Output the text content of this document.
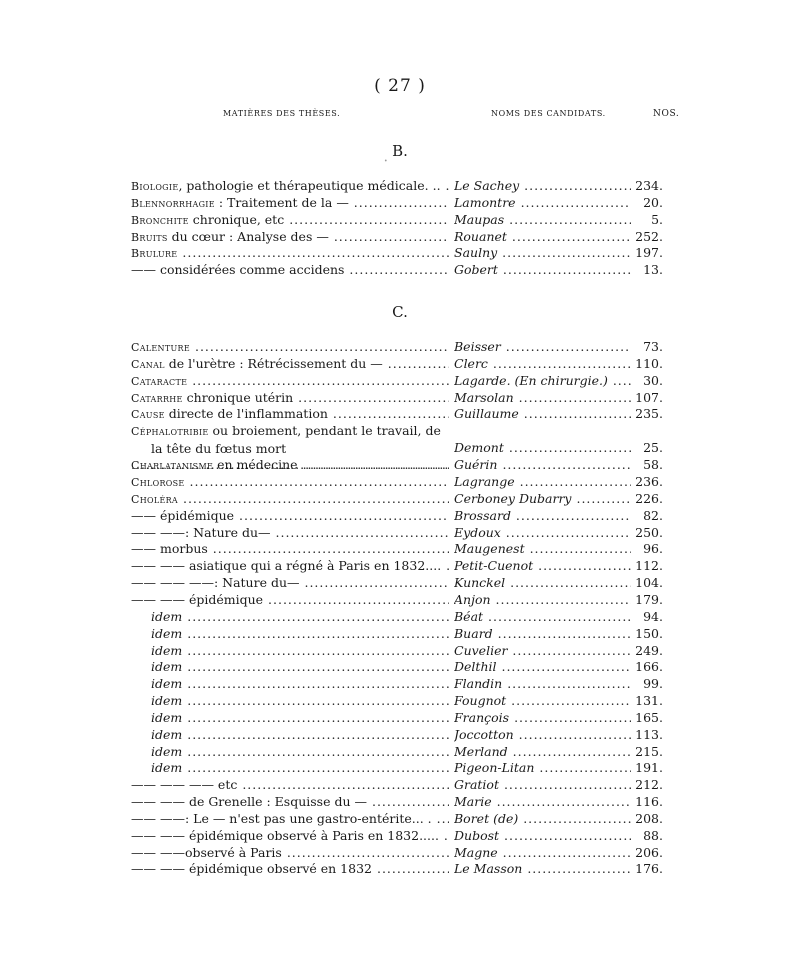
( 27 )
MATIÈRES DES THÈSES.	NOMS DES CANDIDATS.	NOS.
B.
•
Biologie, pathologie et thérapeutique médicale. .. .....	Le Sachey .....	234.
Blennorrhagie : Traitement de la — .....	Lamontre .....	20.
Bronchite chronique, etc .....	Maupas .....	5.
Bruits du cœur : Analyse des — .....	Rouanet .....	252.
Brulure .....	Saulny .....	197.
—— considérées comme accidens .....	Gobert .....	13.
C.
Calenture .....	Beisser .....	73.
Canal de l'urètre : Rétrécissement du — .....	Clerc .....	110.
Cataracte .....	Lagarde. (En chirurgie.) .....	30.
Catarrhe chronique utérin .....	Marsolan .....	107.
Cause directe de l'inflammation .....	Guillaume .....	235.
Céphalotribie ou broiement, pendant le travail, de
la tête du fœtus mort .....	Demont .....	25.
Charlatanisme en médecine .....	Guérin .....	58.
Chlorose .....	Lagrange .....	236.
Choléra .....	Cerboney Dubarry .....	226.
—— épidémique .....	Brossard .....	82.
—— ——: Nature du— .....	Eydoux .....	250.
—— morbus .....	Maugenest .....	96.
—— —— asiatique qui a régné à Paris en 1832.... .....	Petit-Cuenot .....	112.
—— —— ——: Nature du— .....	Kunckel .....	104.
—— —— épidémique .....	Anjon .....	179.
idem .....	Béat .....	94.
idem .....	Buard .....	150.
idem .....	Cuvelier .....	249.
idem .....	Delthil .....	166.
idem .....	Flandin .....	99.
idem .....	Fougnot .....	131.
idem .....	François .....	165.
idem .....	Joccotton .....	113.
idem .....	Merland .....	215.
idem .....	Pigeon-Litan .....	191.
—— —— —— etc .....	Gratiot .....	212.
—— —— de Grenelle : Esquisse du — .....	Marie .....	116.
—— ——: Le — n'est pas une gastro-entérite... . .....	Boret (de) .....	208.
—— —— épidémique observé à Paris en 1832..... .....	Dubost .....	88.
—— ——observé à Paris .....	Magne .....	206.
—— —— épidémique observé en 1832 .....	Le Masson .....	176.
